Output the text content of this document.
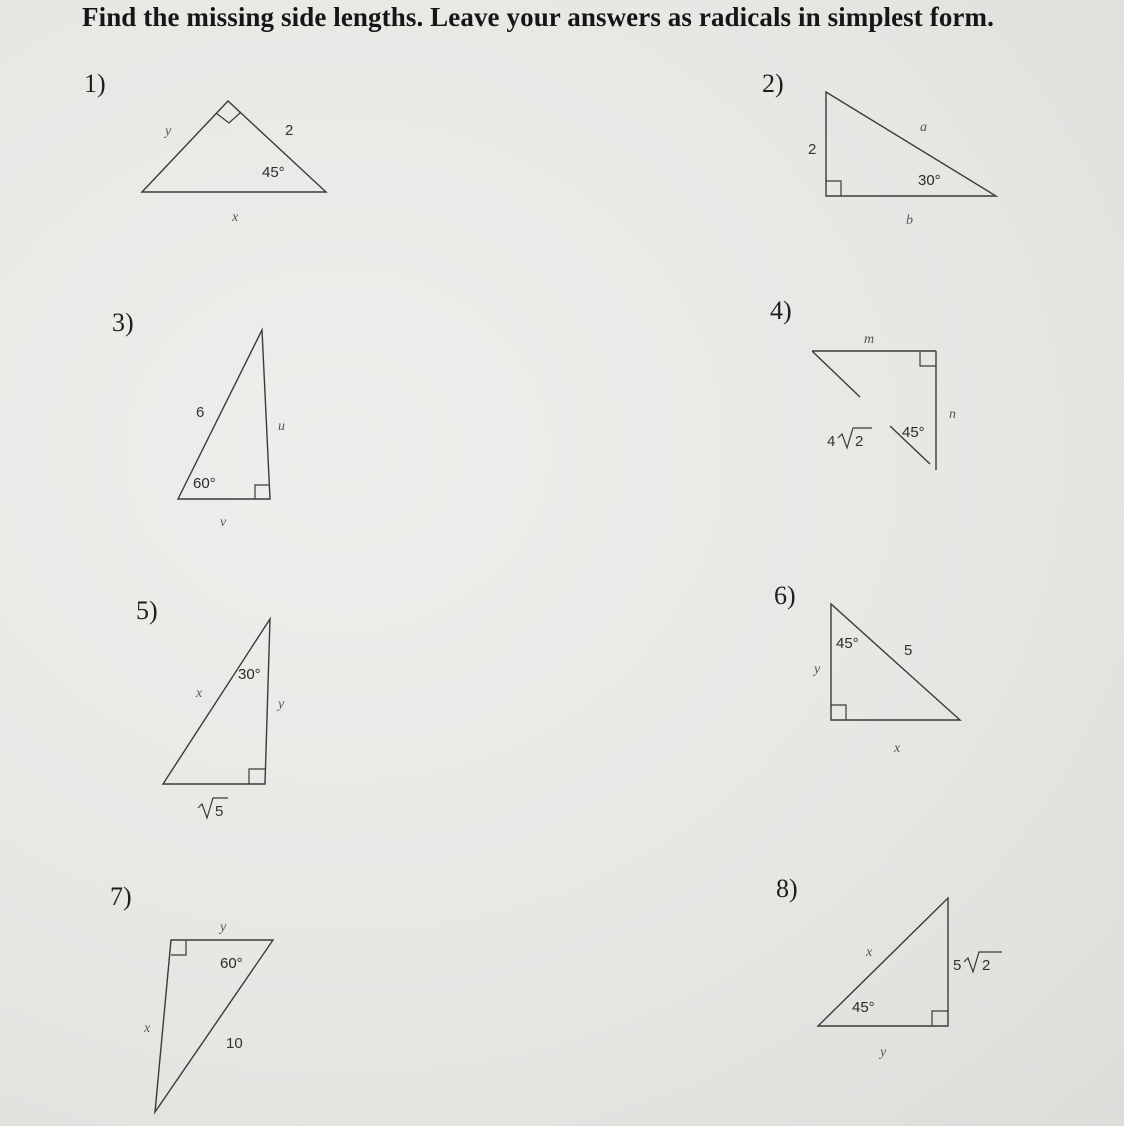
Find the missing side lengths. Leave your answers as radicals in simplest form.
1)	2)
3)	4)
5)
6)
7)	8)
y	2
45°
x
2
a
30°
b
6
u
60°
v
m
n
45°
4 2
30°
x
y
5
45°	5
y
x
y
60°
x
10
x
5 2
45°
y
